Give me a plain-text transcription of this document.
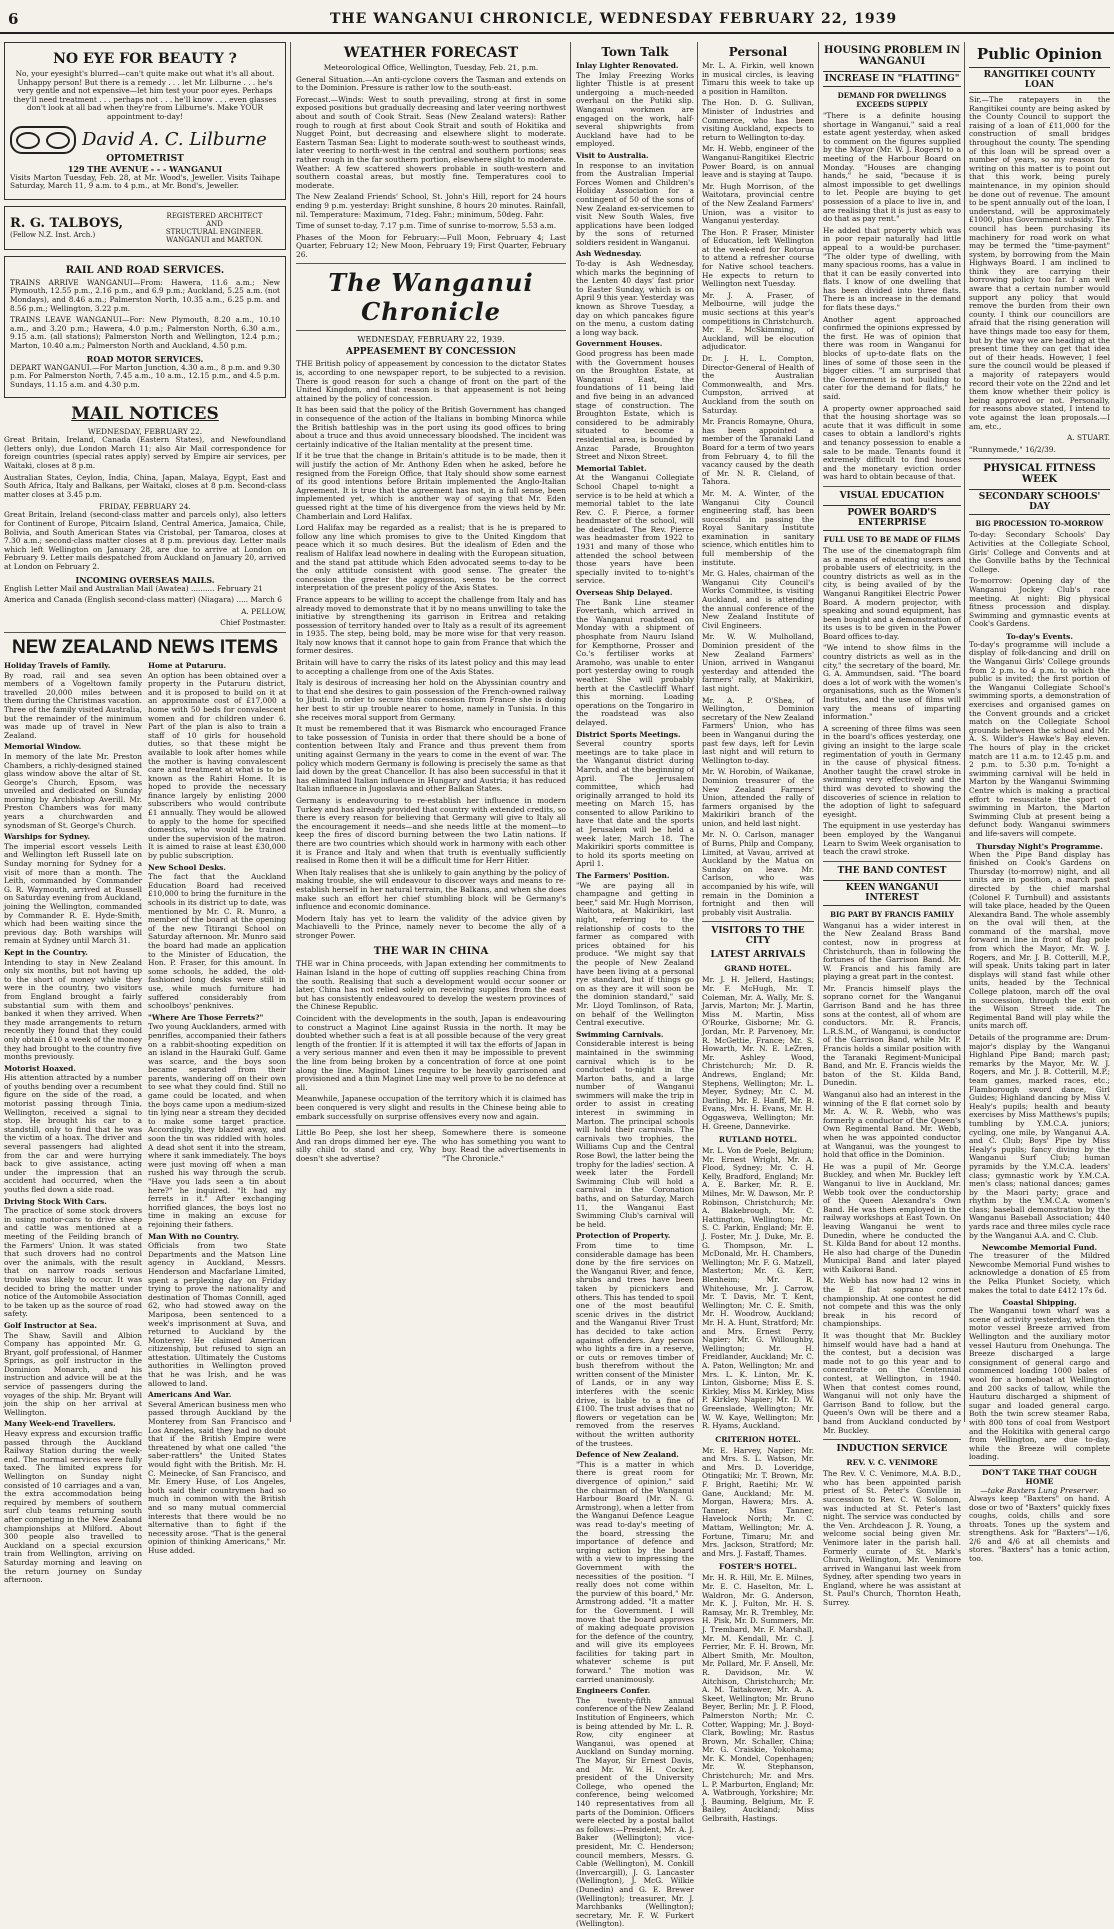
6	THE WANGANUI CHRONICLE, WEDNESDAY FEBRUARY 22, 1939
NO EYE FOR BEAUTY ?

No, your eyesight's blurred—can't quite make out what it's all about. Unhappy person! But there is a remedy . . . let Mr. Lilburne . . . he's very gentle and not expensive—let him test your poor eyes. Perhaps they'll need treatment . . . perhaps not . . . he'll know . . . even glasses don't look at all bad when they're from Lilburne's. Make YOUR appointment to-day!

David A. C. Lilburne
OPTOMETRIST
129 THE AVENUE - - - WANGANUI

Visits Marton Tuesday, Feb. 28, at Mr. Wood's, Jeweller. Visits Taihape Saturday, March 11, 9 a.m. to 4 p.m., at Mr. Bond's, Jeweller.

R. G. TALBOYS,
(Fellow N.Z. Inst. Arch.)
REGISTERED ARCHITECT
AND
STRUCTURAL ENGINEER.
WANGANUI and MARTON.
RAIL AND ROAD SERVICES.

TRAINS ARRIVE WANGANUI—From: Hawera, 11.6 a.m.; New Plymouth, 12.55 p.m., 2.16 p.m., and 6.9 p.m.; Auckland, 5.25 a.m. (not Mondays), and 8.46 a.m.; Palmerston North, 10.35 a.m., 6.25 p.m. and 8.56 p.m.; Wellington, 3.22 p.m.

TRAINS LEAVE WANGANUI—For: New Plymouth, 8.20 a.m., 10.10 a.m., and 3.20 p.m.; Hawera, 4.0 p.m.; Palmerston North, 6.30 a.m., 9.15 a.m. (all stations); Palmerston North and Wellington, 12.4 p.m.; Marton, 10.40 a.m.; Palmerston North and Auckland, 4.50 p.m.

ROAD MOTOR SERVICES.

DEPART WANGANUI.—For Marton Junction, 4.30 a.m., 8 p.m. and 9.30 p.m. For Palmerston North, 7.45 a.m., 10 a.m., 12.15 p.m., and 4.5 p.m. Sundays, 11.15 a.m. and 4.30 p.m.

MAIL NOTICES
WEDNESDAY, FEBRUARY 22.

Great Britain, Ireland, Canada (Eastern States), and Newfoundland (letters only), due London March 11; also Air Mail correspondence for foreign countries (special rates apply) served by Empire air services, per Waitaki, closes at 8 p.m.

Australian States, Ceylon, India, China, Japan, Malaya, Egypt, East and South Africa, Italy and Balkans, per Waitaki, closes at 8 p.m. Second-class matter closes at 3.45 p.m.

FRIDAY, FEBRUARY 24.

Great Britain, Ireland (second-class matter and parcels only), also letters for Continent of Europe, Pitcairn Island, Central America, Jamaica, Chile, Bolivia, and South American States via Cristobal, per Tamaroa, closes at 7.30 a.m.; second-class matter closes at 8 p.m. previous day. Letter mails which left Wellington on January 28, are due to arrive at London on February 9. Letter mails despatched from Auckland on January 20, arrived at London on February 2.

INCOMING OVERSEAS MAILS.

English Letter Mail and Australian Mail (Awatea) .......... February 21

America and Canada (English second-class matter) (Niagara) ..... March 6

A. PELLOW,

Chief Postmaster.

NEW ZEALAND NEWS ITEMS
Holiday Travels of Family.

By road, rail and sea seven members of a Vogeltown family travelled 20,000 miles between them during the Christmas vacation. Three of the family visited Australia, but the remainder of the minimum was made up of travel in New Zealand.

Memorial Window.

In memory of the late Mr. Preston Chambers, a richly-designed stained glass window above the altar of St. George's Church, Epsom, was unveiled and dedicated on Sunday morning by Archbishop Averill. Mr. Preston Chambers was for many years a churchwarden and synodsman of St. George's Church.

Warships for Sydney.

The imperial escort vessels Leith and Wellington left Russell late on Sunday morning for Sydney for a visit of more than a month. The Leith, commanded by Commander G. R. Waymouth, arrived at Russell on Saturday evening from Auckland, joining the Wellington, commanded by Commander R. E. Hyde-Smith, which had been waiting since the previous day. Both warships will remain at Sydney until March 31.

Kept in the Country.

Intending to stay in New Zealand only six months, but not having up to the short of money while they were in the country, two visitors from England brought a fairly substantial sum with them and banked it when they arrived. When they made arrangements to return recently they found that they could only obtain £10 a week of the money they had brought to the country five months previously.

Motorist Hoaxed.

His attention attracted by a number of youths bending over a recumbent figure on the side of the road, a motorist passing through Tinia, Wellington, received a signal to stop. He brought his car to a standstill, only to find that he was the victim of a hoax. The driver and several passengers had alighted from the car and were hurrying back to give assistance, acting under the impression that an accident had occurred, when the youths fled down a side road.

Driving Stock With Cars.

The practice of some stock drovers in using motor-cars to drive sheep and cattle was mentioned at a meeting of the Feilding branch of the Farmers' Union. It was stated that such drovers had no control over the animals, with the result that on narrow roads serious trouble was likely to occur. It was decided to bring the matter under notice of the Automobile Association to be taken up as the source of road safety.

Golf Instructor at Sea.

The Shaw, Savill and Albion Company has appointed Mr. G. Bryant, golf professional, of Hanmer Springs, as golf instructor in the Dominion Monarch, and his instruction and advice will be at the service of passengers during the voyages of the ship. Mr. Bryant will join the ship on her arrival at Wellington.

Many Week-end Travellers.

Heavy express and excursion traffic passed through the Auckland Railway Station during the week-end. The normal services were fully taxed. The limited express for Wellington on Sunday night consisted of 10 carriages and a van, the extra accommodation being required by members of southern surf club teams returning south after competing in the New Zealand championships at Milford. About 300 people also travelled to Auckland on a special excursion train from Wellington, arriving on Saturday morning and leaving on the return journey on Sunday afternoon.

Home at Putaruru.

An option has been obtained over a property in the Putaruru district, and it is proposed to build on it at an approximate cost of £17,000 a home with 50 beds for convalescent women and for children under 6. Part of the plan is also to train a staff of 10 girls for household duties, so that these might be available to look after homes while the mother is having convalescent care and treatment at what is to be known as the Rahiri Home. It is hoped to provide the necessary finance largely by enlisting 2000 subscribers who would contribute £1 annually. They would be allowed to apply to the home for specified domestics, who would be trained under the supervision of the matron. It is aimed to raise at least £30,000 by public subscription.

New School Desks.

The fact that the Auckland Education Board had received £10,000 to bring the furniture in the schools in its district up to date, was mentioned by Mr. C. R. Munro, a member of the board at the opening of the new Titirangi School on Saturday afternoon. Mr. Munro said the board had made an application to the Minister of Education, the Hon. P. Fraser, for this amount. In some schools, he added, the old-fashioned long desks were still in use, while much furniture had suffered considerably from schoolboys' penknives.

"Where Are Those Ferrets?"

Two young Aucklanders, armed with penrifles, accompanied their fathers on a rabbit-shooting expedition on an island in the Hauraki Gulf. Game was scarce, and the boys soon became separated from their parents, wandering off on their own to see what they could find. Still no game could be located, and when the boys came upon a medium-sized tin lying near a stream they decided to make some target practice. Accordingly, they blazed away, and soon the tin was riddled with holes. A dead shot sent it into the stream, where it sank immediately. The boys were just moving off when a man rushed his way through the scrub. "Have you lads seen a tin about here?" he inquired. "It had my ferrets in it." After exchanging horrified glances, the boys lost no time in making an excuse for rejoining their fathers.

Man With no Country.

Officials from two State Departments and the Matson Line agency in Auckland, Messrs. Henderson and Macfarlane Limited, spent a perplexing day on Friday trying to prove the nationality and destination of Thomas Connill, aged 62, who had stowed away on the Mariposa, been sentenced to a week's imprisonment at Suva, and returned to Auckland by the Monterey. He claimed American citizenship, but refused to sign an attestation. Ultimately the Customs authorities in Wellington proved that he was Irish, and he was allowed to land.

Americans And War.

Several American business men who passed through Auckland by the Monterey from San Francisco and Los Angeles, said they had no doubt that if the British Empire were threatened by what one called "the saber-rattlers" the United States would fight with the British. Mr. H. C. Meinecke, of San Francisco, and Mr. Emery Huse, of Los Angeles, both said their countrymen had so much in common with the British and so many mutual commercial interests that there would be no alternative than to fight if the necessity arose. "That is the general opinion of thinking Americans," Mr. Huse added.

WEATHER FORECAST

Meteorological Office, Wellington, Tuesday, Feb. 21, p.m.

General Situation.—An anti-cyclone covers the Tasman and extends on to the Dominion. Pressure is rather low to the south-east.

Forecast.—Winds: West to south prevailing, strong at first in some exposed positions but gradually decreasing and later veering northwest about and south of Cook Strait. Seas (New Zealand waters): Rather rough to rough at first about Cook Strait and south of Hokitika and Nugget Point, but decreasing and elsewhere slight to moderate. Eastern Tasman Sea: Light to moderate south-west to southeast winds, later veering to north-west in the central and southern portions; seas rather rough in the far southern portion, elsewhere slight to moderate. Weather: A few scattered showers probable in south-western and southern coastal areas, but mostly fine. Temperatures cool to moderate.

The New Zealand Friends' School, St. John's Hill, report for 24 hours ending 9 p.m. yesterday: Bright sunshine, 8 hours 20 minutes. Rainfall, nil. Temperature: Maximum, 71deg. Fahr.; minimum, 50deg. Fahr.

Time of sunset to-day, 7.17 p.m. Time of sunrise to-morrow, 5.53 a.m.

Phases of the Moon for February:—Full Moon, February 4; Last Quarter, February 12; New Moon, February 19; First Quarter, February 26.

The Wanganui Chronicle
WEDNESDAY, FEBRUARY 22, 1939.
APPEASEMENT BY CONCESSION

THE British policy of appeasement by concession to the dictator States is, according to one newspaper report, to be subjected to a revision. There is good reason for such a change of front on the part of the United Kingdom, and that reason is that appeasement is not being attained by the policy of concession.

It has been said that the policy of the British Government has changed in consequence of the action of the Italians in bombing Minorca while the British battleship was in the port using its good offices to bring about a truce and thus avoid unnecessary bloodshed. The incident was certainly indicative of the Italian mentality at the present time.

If it be true that the change in Britain's attitude is to be made, then it will justify the action of Mr. Anthony Eden when he asked, before he resigned from the Foreign Office, that Italy should show some earnest of its good intentions before Britain implemented the Anglo-Italian Agreement. It is true that the agreement has not, in a full sense, been implemented yet, which is another way of saying that Mr. Eden guessed right at the time of his divergence from the views held by Mr. Chamberlain and Lord Halifax.

Lord Halifax may be regarded as a realist; that is he is prepared to follow any line which promises to give to the United Kingdom that peace which it so much desires. But the idealism of Eden and the realism of Halifax lead nowhere in dealing with the European situation, and the stand pat attitude which Eden advocated seems to-day to be the only attitude consistent with good sense. The greater the concession the greater the aggression, seems to be the correct interpretation of the present policy of the Axis States.

France appears to be willing to accept the challenge from Italy and has already moved to demonstrate that it by no means unwilling to take the initiative by strengthening its garrison in Eritrea and retaking possession of territory handed over to Italy as a result of its agreement in 1935. The step, being bold, may be more wise for that very reason. Italy now knows that it cannot hope to gain from France that which the former desires.

Britain will have to carry the risks of its latest policy and this may lead to accepting a challenge from one of the Axis States.

Italy is desirous of increasing her hold on the Abyssinian country and to that end she desires to gain possession of the French-owned railway to Jibuti. In order to secure this concession from France she is doing her best to stir up trouble nearer to home, namely in Tunisia. In this she receives moral support from Germany.

It must be remembered that it was Bismarck who encouraged France to take possession of Tunisia in order that there should be a bone of contention between Italy and France and thus prevent them from uniting against Germany in the years to come in the event of war. The policy which modern Germany is following is precisely the same as that laid down by the great Chancellor. It has also been successful in that it has eliminated Italian influence in Hungary and Austria; it has reduced Italian influence in Jugoslavia and other Balkan States.

Germany is endeavouring to re-establish her influence in modern Turkey and has already provided that country with extended credits, so there is every reason for believing that Germany will give to Italy all the encouragement it needs—and she needs little at the moment—to keep the fires of discord burning between the two Latin nations. If there are two countries which should work in harmony with each other it is France and Italy and when that truth is eventually sufficiently realised in Rome then it will be a difficult time for Herr Hitler.

When Italy realises that she is unlikely to gain anything by the policy of making trouble, she will endeavour to discover ways and means to re-establish herself in her natural terrain, the Balkans, and when she does make such an effort her chief stumbling block will be Germany's influence and economic dominance.

Modern Italy has yet to learn the validity of the advice given by Machiavelli to the Prince, namely never to become the ally of a stronger Power.

THE WAR IN CHINA

THE war in China proceeds, with Japan extending her commitments to Hainan Island in the hope of cutting off supplies reaching China from the south. Realising that such a development would occur sooner or later, China has not relied solely on receiving supplies from the east but has consistently endeavoured to develop the western provinces of the Chinese Republic.

Coincident with the developments in the south, Japan is endeavouring to construct a Maginot Line against Russia in the north. It may be doubted whether such a feat is at all possible because of the very great length of the frontier. If it is attempted it will tax the efforts of Japan in a very serious manner and even then it may be impossible to prevent the line from being broken by a concentration of force at one point along the line. Maginot Lines require to be heavily garrisoned and provisioned and a thin Maginot Line may well prove to be no defence at all.

Meanwhile, Japanese occupation of the territory which it is claimed has been conquered is very slight and results in the Chinese being able to embark successfully on surprise offensives every now and again.

Little Bo Peep, she lost her sheep, And ran drops dimmed her eye. The silly child to stand and cry, Why doesn't she advertise?

Somewhere there is someone who has something you want to buy. Read the advertisements in "The Chronicle."

Town Talk
Inlay Lighter Renovated.

The Imlay Freezing Works lighter Thistle is at present undergoing a much-needed overhaul on the Putiki slip. Wanganui workmen are engaged on the work, half-several shipwrights from Auckland have had to be employed.

Visit to Australia.

In response to an invitation from the Australian Imperial Forces Women and Children's Holiday Association for a contingent of 50 of the sons of New Zealand ex-servicemen to visit New South Wales, five applications have been lodged by the sons of returned soldiers resident in Wanganui.

Ash Wednesday.

To-day is Ash Wednesday, which marks the beginning of the Lenten 40 days' fast prior to Easter Sunday, which is on April 9 this year. Yesterday was known as Shrove Tuesday, a day on which pancakes figure on the menu, a custom dating a long way back.

Government Houses.

Good progress has been made with the Government houses on the Broughton Estate, at Wanganui East, the foundations of 11 being laid and five being in an advanced stage of construction. The Broughton Estate, which is considered to be admirably situated to become a residential area, is bounded by Anzac Parade, Broughton Street and Nixon Street.

Memorial Tablet.

At the Wanganui Collegiate School Chapel to-night a service is to be held at which a memorial tablet to the late Rev. C. F. Pierce, a former headmaster of the school, will be dedicated. The Rev. Pierce was headmaster from 1922 to 1931 and many of those who attended the school between those years have been specially invited to to-night's service.

Overseas Ship Delayed.

The Bank Line steamer Fovertanh, which arrived in the Wanganui roadstead on Monday with a shipment of phosphate from Nauru Island for Kempthorne, Prosser and Co.'s fertiliser works at Aramoho, was unable to enter port yesterday owing to rough weather. She will probably berth at the Castlecliff Wharf this morning. Loading operations on the Tongariro in the roadstead was also delayed.

District Sports Meetings.

Several country sports meetings are to take place in the Wanganui district during March, and at the beginning of April. The Jerusalem committee, which had originally arranged to hold its meeting on March 15, has consented to allow Parikino to have that date and the sports at Jerusalem will be held a week later, March 18. The Makirikiri sports committee is to hold its sports meeting on April 1.

The Farmers' Position.

"We are paying all in champagne and getting in beer," said Mr. Hugh Morrison, Waitotara, at Makirikiri, last night, referring to the relationship of costs to the farmer as compared with prices obtained for his produce. "We might say that the people of New Zealand have been living at a personal rye standard, but if things go on as they are it will soon be the dominion standard," said Mr. Lloyd Tomlinson, of Rata, on behalf of the Wellington Central executive.

Swimming Carnivals.

Considerable interest is being maintained in the swimming carnival which is to be conducted to-night in the Marton baths, and a large number of Wanganui swimmers will make the trip in order to assist in creating interest in swimming in Marton. The principal schools will hold their carnivals. The carnivals two trophies, the Williams Cup and the Central Rose Bowl, the latter being the trophy for the ladies' section. A week later the Fordell Swimming Club will hold a carnival in the Coronation baths, and on Saturday, March 11, the Wanganui East Swimming Club's carnival will be held.

Protection of Property.

From time to time considerable damage has been done by the fire services on the Wanganui River, and fence, shrubs and trees have been taken by picnickers and others. This has tended to spoil one of the most beautiful scenic drives in the district and the Wanganui River Trust has decided to take action against offenders. Any person who lights a fire in a reserve, or cuts or removes timber of bush therefrom without the written consent of the Minister of Lands, or in any way interferes with the scenic drive, is liable to a fine of £100. The trust advises that no flowers or vegetation can be removed from the reserves without the written authority of the trustees.

Defence of New Zealand.

"This is a matter in which there is great room for divergence of opinion," said the chairman of the Wanganui Harbour Board (Mr. N. G. Armstrong), when a letter from the Wanganui Defence League was read to-day's meeting of the board, stressing the importance of defence and urging action by the board with a view to impressing the Government with the necessities of the position. "I really does not come within the purview of this board," Mr. Armstrong added. "It a matter for the Government. I will move that the board approves of making adequate provision for the defence of the country, and will give its employees facilities for taking part in whatever scheme is put forward." The motion was carried unanimously.

Engineers Confer.

The twenty-fifth annual conference of the New Zealand Institution of Engineers, which is being attended by Mr. L. R. Row, city engineer at Wanganui, was opened at Auckland on Sunday morning. The Mayor, Sir Ernest Davis, and Mr. W. H. Cocker, president of the University College, who opened the conference, being welcomed 140 representatives from all parts of the Dominion. Officers were elected by a postal ballot as follows:—President, Mr. A. J. Baker (Wellington); vice-president, Mr. C. Henderson; council members, Messrs. G. Cable (Wellington), M. Conkill (Invercargill), J. G. Lancaster (Wellington), J. McG. Wilkie (Dunedin) and G. E. Brewer (Wellington); treasurer, Mr. J. Marchbanks (Wellington); secretary, Mr. F. W. Furkert (Wellington).

Personal

Mr. L. A. Firkin, well known in musical circles, is leaving Timaru this week to take up a position in Hamilton.

The Hon. D. G. Sullivan, Minister of Industries and Commerce, who has been visiting Auckland, expects to return to Wellington to-day.

Mr. H. Webb, engineer of the Wanganui-Rangitikei Electric Power Board, is on annual leave and is staying at Taupo.

Mr. Hugh Morrison, of the Waitotara, provincial centre of the New Zealand Farmers' Union, was a visitor to Wanganui yesterday.

The Hon. P. Fraser, Minister of Education, left Wellington at the week-end for Rotorua to attend a refresher course for Native school teachers. He expects to return to Wellington next Tuesday.

Mr. J. A. Fraser, of Melbourne, will judge the music sections at this year's competitions in Christchurch. Mr. E. McSkimming, of Auckland, will be elocution adjudicator.

Dr. J. H. L. Compton, Director-General of Health of the Australian Commonwealth, and Mrs. Cumpston, arrived at Auckland from the south on Saturday.

Mr. Francis Romayne, Ohura, has been appointed a member of the Taranaki Land Board for a term of two years from February 4, to fill the vacancy caused by the death of Mr. N. R. Cleland, of Tahora.

Mr. M. A. Winter, of the Wanganui City Council engineering staff, has been successful in passing the Royal Sanitary Institute examination in sanitary science, which entitles him to full membership of the institute.

Mr. G. Hales, chairman of the Wanganui City Council's Works Committee, is visiting Auckland, and is attending the annual conference of the New Zealand Institute of Civil Engineers.

Mr. W. W. Mulholland, Dominion president of the New Zealand Farmers' Union, arrived in Wanganui yesterday and attended the farmers' rally, at Makirikiri, last night.

Mr. A. P. O'Shea, of Wellington, Dominion secretary of the New Zealand Farmers' Union, who has been in Wanganui during the past few days, left for Levin last night and will return to Wellington to-day.

Mr. W. Horobin, of Waikanae, Dominion treasurer of the New Zealand Farmers' Union, attended the rally of farmers organised by the Makirikiri branch of the union, and held last night.

Mr. N. O. Carlson, manager of Burns, Philp and Company, Limited, at Vavau, arrived at Auckland by the Matua on Sunday on leave. Mr. Carlson, who was accompanied by his wife, will remain in the Dominion a fortnight and then will probably visit Australia.

VISITORS TO THE CITY
LATEST ARRIVALS
GRAND HOTEL.

Mr. J. H. Jellerd, Hastings; Mr. F. McHugh, Mr. T. Coleman, Mr. A. Wally, Mr. S. Jarvis, Marton; Mr. J. Martin, Miss M. Martin, Miss O'Rourke, Gisborne; Mr. G. Jordan, Mr. P. Parvenoey, Mr. R. McGettie, France; Mr. S. Howarth, Mr. N. E. LeZren, Mr. Ashley Wood, Christchurch; Mr. D. R. Andrews, England; Mr. Stephens, Wellington; Mr. L. Meyer, Sydney; Mr. C. M. Darling, Mr. E. Hanff, Mr. B. Evans, Mrs. H. Evans, Mr. H. Oggasweva, Wellington; Mr. H. Greene, Dannevirke.

RUTLAND HOTEL.

Mr. L. Von de Poele, Belgium; Mr. Ernest Wright, Mr. A. Flood, Sydney; Mr. C. H. Kelly, Bradford, England; Mr. A. E. Barker, Mr. R. E. Milnes, Mr. W. Dawson, Mr. P. Robinson, Christchurch; Mr. A. Blakebrough, Mr. C. Hattington, Wellington; Mr. S. C. Parkin, England; Mr. E. J. Foster, Mr. J. Duke, Mr. E. G. Thompson, Mr. L. McDonald, Mr. H. Chambers, Wellington; Mr. F. G. Matzell, Masterton; Mr. G. Kerr, Blenheim; Mr. R. Whitehouse, Mr. J. Carrow, Mr. T. Davis, Mr. T. Kent, Wellington; Mr. C. E. Smith, Mr. H. Woodrow, Auckland; Mr. H. A. Hunt, Stratford; Mr. and Mrs. Ernest Perry, Napier; Mr. G. Willoughby, Wellington; Mr. H. Freidlander, Auckland; Mr. C. A. Paton, Wellington; Mr. and Mrs. L. K. Linton, Mr. K. Linton, Gisborne; Miss E. S. Kirkley, Miss M. Kirkley, Miss P. Kirkley, Napier; Mr. D. W. Greenslade, Wellington; Mr. W. W. Kaye, Wellington; Mr. R. Hyams, Auckland.

CRITERION HOTEL.

Mr. E. Harvey, Napier; Mr. and Mrs. S. L. Watson, Mr. and Mrs. D. Loveridge, Otingatiki; Mr. T. Brown, Mr. F. Bright, Raetihi; Mr. W. Gane, Auckland; Mr. M. Morgan, Hawera; Mrs. A. Tanner, Miss Tanner, Havelock North; Mr. C. Mattam, Wellington; Mr. A. Fortune, Timaru; Mr. and Mrs. Jackson, Stratford; Mr. and Mrs. J. Fastaff, Thames.

FOSTER'S HOTEL.

Mr. H. R. Hill, Mr. E. Milnes, Mr. E. C. Haselton, Mr. L. Waldron, Mr. G. Anderson, Mr. K. J. Fulton, Mr. H. S. Ramsay, Mr. R. Trembley, Mr. H. Pisk, Mr. D. Summers, Mr. J. Trembard, Mr. F. Marshall, Mr. M. Kendall, Mr. C. J. Ferrier, Mr. F. H. Brown, Mr. Albert Smith, Mr. Moulton, Mr. Pollard, Mr. F. Ansell, Mr. R. Davidson, Mr. W. Aitchison, Christchurch; Mr. A. M. Taitakower, Mr. A. A. Skeet, Wellington; Mr. Bruno Beyer, Berlin; Mr. J. P. Flood, Palmerston North; Mr. C. Cotter, Wapping; Mr. J. Boyd-Clark, Bowling; Mr. Rastus Brown, Mr. Schaller, China; Mr. G. Craiskie, Yokohama; Mr. K. Mondel, Copenhagen; Mr. W. Stephanson, Christchurch; Mr. and Mrs. L. P. Marburton, England; Mr. A. Watbrough, Yorkshire; Mr. J. Bauming, Belgium, Mr. F. Bailey, Auckland; Miss Gelbraith, Hastings.

HOUSING PROBLEM IN WANGANUI
INCREASE IN "FLATTING"
DEMAND FOR DWELLINGS EXCEEDS SUPPLY

"There is a definite housing shortage in Wanganui," said a real estate agent yesterday, when asked to comment on the figures supplied by the Mayor (Mr. W. J. Rogers) to a meeting of the Harbour Board on Monday. "Houses are changing hands," he said, "because it is almost impossible to get dwellings to let. People are buying to get possession of a place to live in, and are realising that it is just as easy to do that as pay rent."

He added that property which was in poor repair naturally had little appeal to a would-be purchaser. "The older type of dwelling, with many spacious rooms, has a value in that it can be easily converted into flats. I know of one dwelling that has been divided into three flats. There is an increase in the demand for flats these days."

Another agent approached confirmed the opinions expressed by the first. He was of opinion that there was room in Wanganui for blocks of up-to-date flats on the lines of some of those seen in the bigger cities. "I am surprised that the Government is not building to cater for the demand for flats," he said.

A property owner approached said that the housing shortage was so acute that it was difficult in some cases to obtain a landlord's rights and tenancy possession to enable a sale to be made. Tenants found it extremely difficult to find houses and the monetary eviction order was hard to obtain because of that.

VISUAL EDUCATION
POWER BOARD'S ENTERPRISE
FULL USE TO BE MADE OF FILMS

The use of the cinematograph film as a means of educating users and probable users of electricity, in the country districts as well as in the city, is being availed of by the Wanganui Rangitikei Electric Power Board. A modern projector, with speaking and sound equipment, has been bought and a demonstration of its uses is to be given in the Power Board offices to-day.

"We intend to show films in the country districts as well as in the city," the secretary of the board, Mr. G. A. Ammundsen, said. "The board does a lot of work with the women's organisations, such as the Women's Institutes, and the use of films will vary the means of imparting information."

A screening of three films was seen in the board's offices yesterday, one giving an insight to the large scale regimentation of youth in Germany in the cause of physical fitness. Another taught the crawl stroke in swimming very effectively and the third was devoted to showing the discoveries of science in relation to the adoption of light to safeguard eyesight.

The equipment in use yesterday has been employed by the Wanganui Learn to Swim Week organisation to teach the crawl stroke.

THE BAND CONTEST
KEEN WANGANUI INTEREST
BIG PART BY FRANCIS FAMILY

Wanganui has a wider interest in the New Zealand Brass Band contest, now in progress at Christchurch, than in following the fortunes of the Garrison Band. Mr. W. Francis and his family are playing a great part in the contest.

Mr. Francis himself plays the soprano cornet for the Wanganui Garrison Band and he has three sons at the contest, all of whom are conductors. Mr. R. Francis, L.R.S.M., of Wanganui, is conductor of the Garrison Band, while Mr. P. Francis holds a similar position with the Taranaki Regiment-Municipal Band, and Mr. E. Francis wields the baton of the St. Kilda Band, Dunedin.

Wanganui also had an interest in the winning of the E flat cornet solo by Mr. A. W. R. Webb, who was formerly a conductor of the Queen's Own Regimental Band. Mr. Webb, when he was appointed conductor at Wanganui, was the youngest to hold that office in the Dominion.

He was a pupil of Mr. George Buckley, and when Mr. Buckley left Wanganui to live in Auckland, Mr. Webb took over the conductorship of the Queen Alexandra's Own Band. He was then employed in the railway workshops at East Town. On leaving Wanganui he went to Dunedin, where he conducted the St. Kilda Band for about 12 months. He also had charge of the Dunedin Municipal Band and later played with Kaikorai Band.

Mr. Webb has now had 12 wins in the E flat soprano cornet championship. At one contest he did not compete and this was the only break in his record of championships.

It was thought that Mr. Buckley himself would have had a hand at the contest, but a decision was made not to go this year and to concentrate on the Centennial contest, at Wellington, in 1940. When that contest comes round, Wanganui will not only have the Garrison Band to follow, but the Queen's Own will be there and a band from Auckland conducted by Mr. Buckley.

INDUCTION SERVICE
REV. V. C. VENIMORE

The Rev. V. C. Venimore, M.A. B.D., who has been appointed parish priest of St. Peter's Gonville in succession to Rev. C. W. Solomon, was inducted at St. Peter's last night. The service was conducted by the Ven. Archdeacon J. R. Young, a welcome social being given Mr. Venimore later in the parish hall. Formerly curate of St. Mark's Church, Wellington, Mr. Venimore arrived in Wanganui last week from Sydney, after spending two years in England, where he was assistant at St. Paul's Church, Thornton Heath, Surrey.

Public Opinion
RANGITIKEI COUNTY LOAN

Sir,—The ratepayers in the Rangitikei county are being asked by the County Council to support the raising of a loan of £11,000 for the construction of small bridges throughout the county. The spending of this loan will be spread over a number of years, so my reason for writing on this matter is to point out that this work, being purely maintenance, in my opinion should be done out of revenue. The amount to be spent annually out of the loan, I understand, will be approximately £1000, plus Government subsidy. The council has been purchasing its machinery for road work on what may be termed the "time-payment" system, by borrowing from the Main Highways Board. I am inclined to think they are carrying their borrowing policy too far. I am well aware that a certain number would support any policy that would remove the burden from their own county. I think our councillors are afraid that the rising generation will have things made too easy for them, but by the way we are heading at the present time they can get that idea out of their heads. However, I feel sure the council would be pleased if a majority of ratepayers would record their vote on the 22nd and let them know whether their policy is being approved or not. Personally, for reasons above stated, I intend to vote against the loan proposals.—I am, etc.,

A. STUART.

"Runnymede," 16/2/39.

PHYSICAL FITNESS WEEK
SECONDARY SCHOOLS' DAY
BIG PROCESSION TO-MORROW

To-day: Secondary Schools' Day Activities at the Collegiate School, Girls' College and Convents and at the Gonville baths by the Technical College.

To-morrow: Opening day of the Wanganui Jockey Club's race meeting. At night: Big physical fitness procession and display. Swimming and gymnastic events at Cook's Gardens.

To-day's Events.

To-day's programme will include a display of folk-dancing and drill on the Wanganui Girls' College grounds from 2 p.m. to 4 p.m. to which the public is invited; the first portion of the Wanganui Collegiate School's swimming sports, a demonstration of exercises and organised games on the Convent grounds and a cricket match on the Collegiate School grounds between the school and Mr. A. S. Wilder's Hawke's Bay eleven. The hours of play in the cricket match are 11 a.m. to 12.45 p.m. and 2 p.m. to 5.30 p.m. To-night a swimming carnival will be held in Marton by the Wanganui Swimming Centre which is making a practical effort to resuscitate the sport of swimming in Marton, the Marton Swimming Club at present being a defunct body. Wanganui swimmers and life-savers will compete.

Thursday Night's Programme.

When the Pipe Band display has finished on Cook's Gardens on Thursday (to-morrow) night, and all units are in position, a march past directed by the chief marshal (Colonel F. Turnbull) and assistants will take place, headed by the Queen Alexandra Band. The whole assembly on the oval will then, at the command of the marshal, move forward in line in front of flag pole from which the Mayor, Mr. W. J. Rogers, and Mr. J. B. Cotterill, M.P., will speak. Units taking part in later displays will stand fast while other units, headed by the Technical College platoon, march off the oval in succession, through the exit on the Wilson Street side. The Regimental Band will play while the units march off.

Details of the programme are: Drum-major's display by the Wanganui Highland Pipe Band; march past; remarks by the Mayor, Mr. W. J. Rogers, and Mr. J. B. Cotterill, M.P.; team games, marked races, etc.; Flamborough sword dance, Girl Guides; Highland dancing by Miss V. Healy's pupils; health and beauty exercises by Miss Matthews's pupils; tumbling by Y.M.C.A. juniors; cycling, one mile, by Wanganui A.A. and C. Club; Boys' Pipe by Miss Healy's pupils; fancy diving by the Wanganui Surf Club; human pyramids by the Y.M.C.A. leaders' class; gymnastic work by Y.M.C.A. men's class; national dances; games by the Maori party; grace and rhythm by the Y.M.C.A. women's class; baseball demonstration by the Wanganui Baseball Association; 440 yards race and three miles cycle race by the Wanganui A.A. and C. Club.

Newcombe Memorial Fund.

The treasurer of the Mildred Newcombe Memorial Fund wishes to acknowledge a donation of £5 from the Pelka Plunket Society, which makes the total to date £412 17s 6d.

Coastal Shipping.

The Wanganui town wharf was a scene of activity yesterday, when the motor vessel Breeze arrived from Wellington and the auxiliary motor vessel Hauturu from Onehunga. The Breeze discharged a large consignment of general cargo and commenced loading 1000 bales of wool for a homeboat at Wellington and 200 sacks of tallow, while the Hauturu discharged a shipment of sugar and loaded general cargo. Both the twin screw steamer Raba, with 800 tons of coal from Westport and the Hokitika with general cargo from Wellington, are due to-day, while the Breeze will complete loading.

DON'T TAKE THAT COUGH HOME
—take Baxters Lung Preserver.

Always keep "Baxters" on hand. A dose or two of "Baxters" quickly fixes coughs, colds, chills and sore throats. Tones up the system and strengthens. Ask for "Baxters"—1/6, 2/6 and 4/6 at all chemists and stores. "Baxters" has a tonic action, too.
